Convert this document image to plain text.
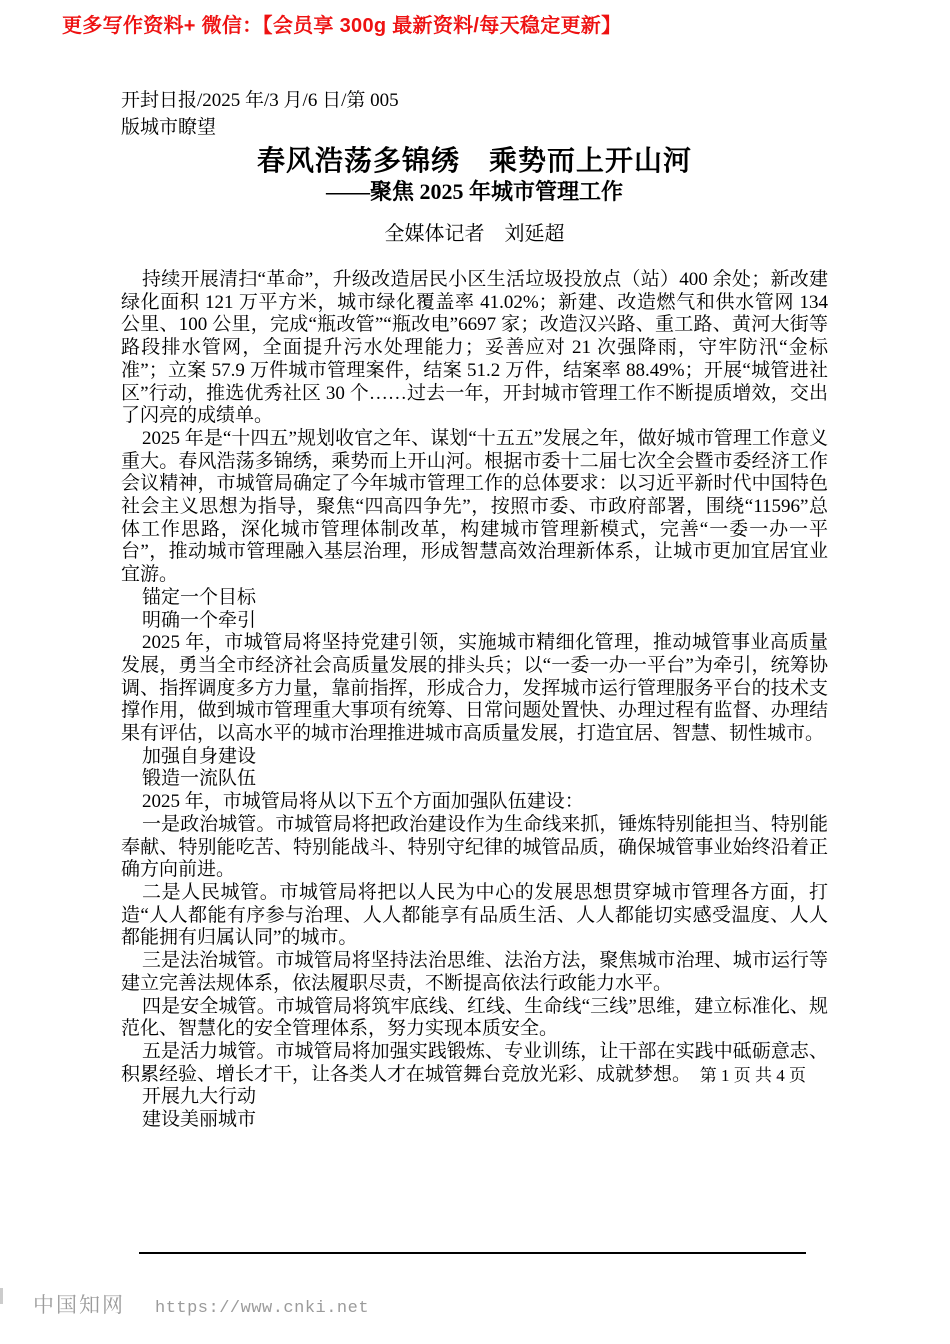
更多写作资料+ 微信：【会员享 300g 最新资料/每天稳定更新】
开封日报/2025 年/3 月/6 日/第 005
版城市瞭望
春风浩荡多锦绣　乘势而上开山河
——聚焦 2025 年城市管理工作
全媒体记者　刘延超

持续开展清扫“革命”，升级改造居民小区生活垃圾投放点（站）400 余处；新改建绿化面积 121 万平方米，城市绿化覆盖率 41.02%；新建、改造燃气和供水管网 134 公里、100 公里，完成“瓶改管”“瓶改电”6697 家；改造汉兴路、重工路、黄河大街等路段排水管网，全面提升污水处理能力；妥善应对 21 次强降雨，守牢防汛“金标准”；立案 57.9 万件城市管理案件，结案 51.2 万件，结案率 88.49%；开展“城管进社区”行动，推选优秀社区 30 个……过去一年，开封城市管理工作不断提质增效，交出了闪亮的成绩单。

2025 年是“十四五”规划收官之年、谋划“十五五”发展之年，做好城市管理工作意义重大。春风浩荡多锦绣，乘势而上开山河。根据市委十二届七次全会暨市委经济工作会议精神，市城管局确定了今年城市管理工作的总体要求：以习近平新时代中国特色社会主义思想为指导，聚焦“四高四争先”，按照市委、市政府部署，围绕“11596”总体工作思路，深化城市管理体制改革，构建城市管理新模式，完善“一委一办一平台”，推动城市管理融入基层治理，形成智慧高效治理新体系，让城市更加宜居宜业宜游。

锚定一个目标

明确一个牵引

2025 年，市城管局将坚持党建引领，实施城市精细化管理，推动城管事业高质量发展，勇当全市经济社会高质量发展的排头兵；以“一委一办一平台”为牵引，统筹协调、指挥调度多方力量，靠前指挥，形成合力，发挥城市运行管理服务平台的技术支撑作用，做到城市管理重大事项有统筹、日常问题处置快、办理过程有监督、办理结果有评估，以高水平的城市治理推进城市高质量发展，打造宜居、智慧、韧性城市。

加强自身建设

锻造一流队伍

2025 年，市城管局将从以下五个方面加强队伍建设：

一是政治城管。市城管局将把政治建设作为生命线来抓，锤炼特别能担当、特别能奉献、特别能吃苦、特别能战斗、特别守纪律的城管品质，确保城管事业始终沿着正确方向前进。

二是人民城管。市城管局将把以人民为中心的发展思想贯穿城市管理各方面，打造“人人都能有序参与治理、人人都能享有品质生活、人人都能切实感受温度、人人都能拥有归属认同”的城市。

三是法治城管。市城管局将坚持法治思维、法治方法，聚焦城市治理、城市运行等建立完善法规体系，依法履职尽责，不断提高依法行政能力水平。

四是安全城管。市城管局将筑牢底线、红线、生命线“三线”思维，建立标准化、规范化、智慧化的安全管理体系，努力实现本质安全。

五是活力城管。市城管局将加强实践锻炼、专业训练，让干部在实践中砥砺意志、积累经验、增长才干，让各类人才在城管舞台竞放光彩、成就梦想。

开展九大行动

建设美丽城市

第 1 页 共 4 页
中国知网 https://www.cnki.net
